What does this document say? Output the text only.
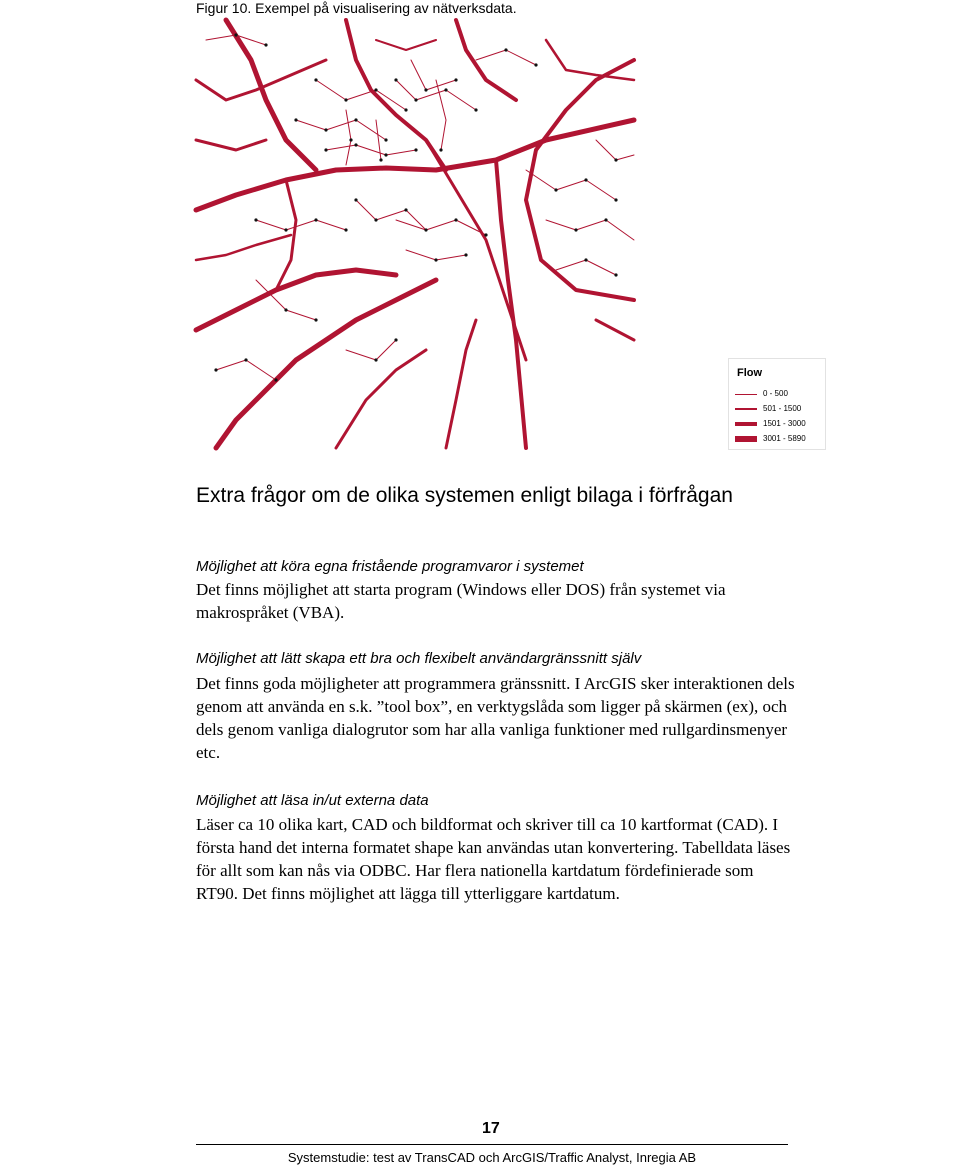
Figur 10. Exempel på visualisering av nätverksdata.
Flow
0 - 500
501 - 1500
1501 - 3000
3001 - 5890
Extra frågor om de olika systemen enligt bilaga i förfrågan
Möjlighet att köra egna fristående programvaror i systemet
Det finns möjlighet att starta program (Windows eller DOS) från systemet via makrospråket (VBA).
Möjlighet att lätt skapa ett bra och flexibelt användargränssnitt själv
Det finns goda möjligheter att programmera gränssnitt. I ArcGIS sker interaktionen dels genom att använda en s.k. ”tool box”, en verktygslåda som ligger på skärmen (ex), och dels genom vanliga dialogrutor som har alla vanliga funktioner med rullgardinsmenyer etc.
Möjlighet att läsa in/ut externa data
Läser ca 10 olika kart, CAD och bildformat och skriver till ca 10 kartformat (CAD). I första hand det interna formatet shape kan användas utan konvertering. Tabelldata läses för allt som kan nås via ODBC. Har flera nationella kartdatum fördefinierade som RT90. Det finns möjlighet att lägga till ytterliggare kartdatum.
17
Systemstudie: test av TransCAD och ArcGIS/Traffic Analyst, Inregia AB
